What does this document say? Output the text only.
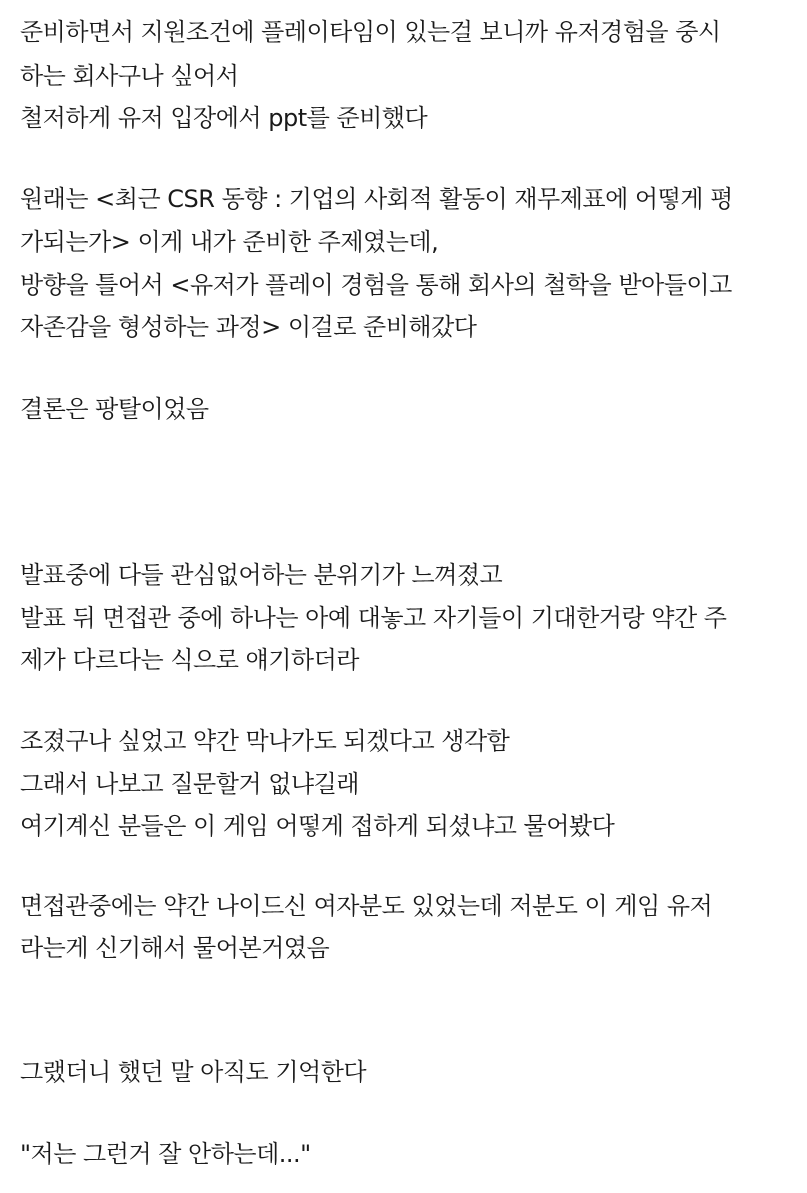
준비하면서 지원조건에 플레이타임이 있는걸 보니까 유저경험을 중시
하는 회사구나 싶어서
철저하게 유저 입장에서 ppt를 준비했다
원래는 <최근 CSR 동향 : 기업의 사회적 활동이 재무제표에 어떻게 평
가되는가> 이게 내가 준비한 주제였는데,
방향을 틀어서 <유저가 플레이 경험을 통해 회사의 철학을 받아들이고
자존감을 형성하는 과정> 이걸로 준비해갔다
결론은 팡탈이었음
발표중에 다들 관심없어하는 분위기가 느껴졌고
발표 뒤 면접관 중에 하나는 아예 대놓고 자기들이 기대한거랑 약간 주
제가 다르다는 식으로 얘기하더라
조졌구나 싶었고 약간 막나가도 되겠다고 생각함
그래서 나보고 질문할거 없냐길래
여기계신 분들은 이 게임 어떻게 접하게 되셨냐고 물어봤다
면접관중에는 약간 나이드신 여자분도 있었는데 저분도 이 게임 유저
라는게 신기해서 물어본거였음
그랬더니 했던 말 아직도 기억한다
"저는 그런거 잘 안하는데..."
